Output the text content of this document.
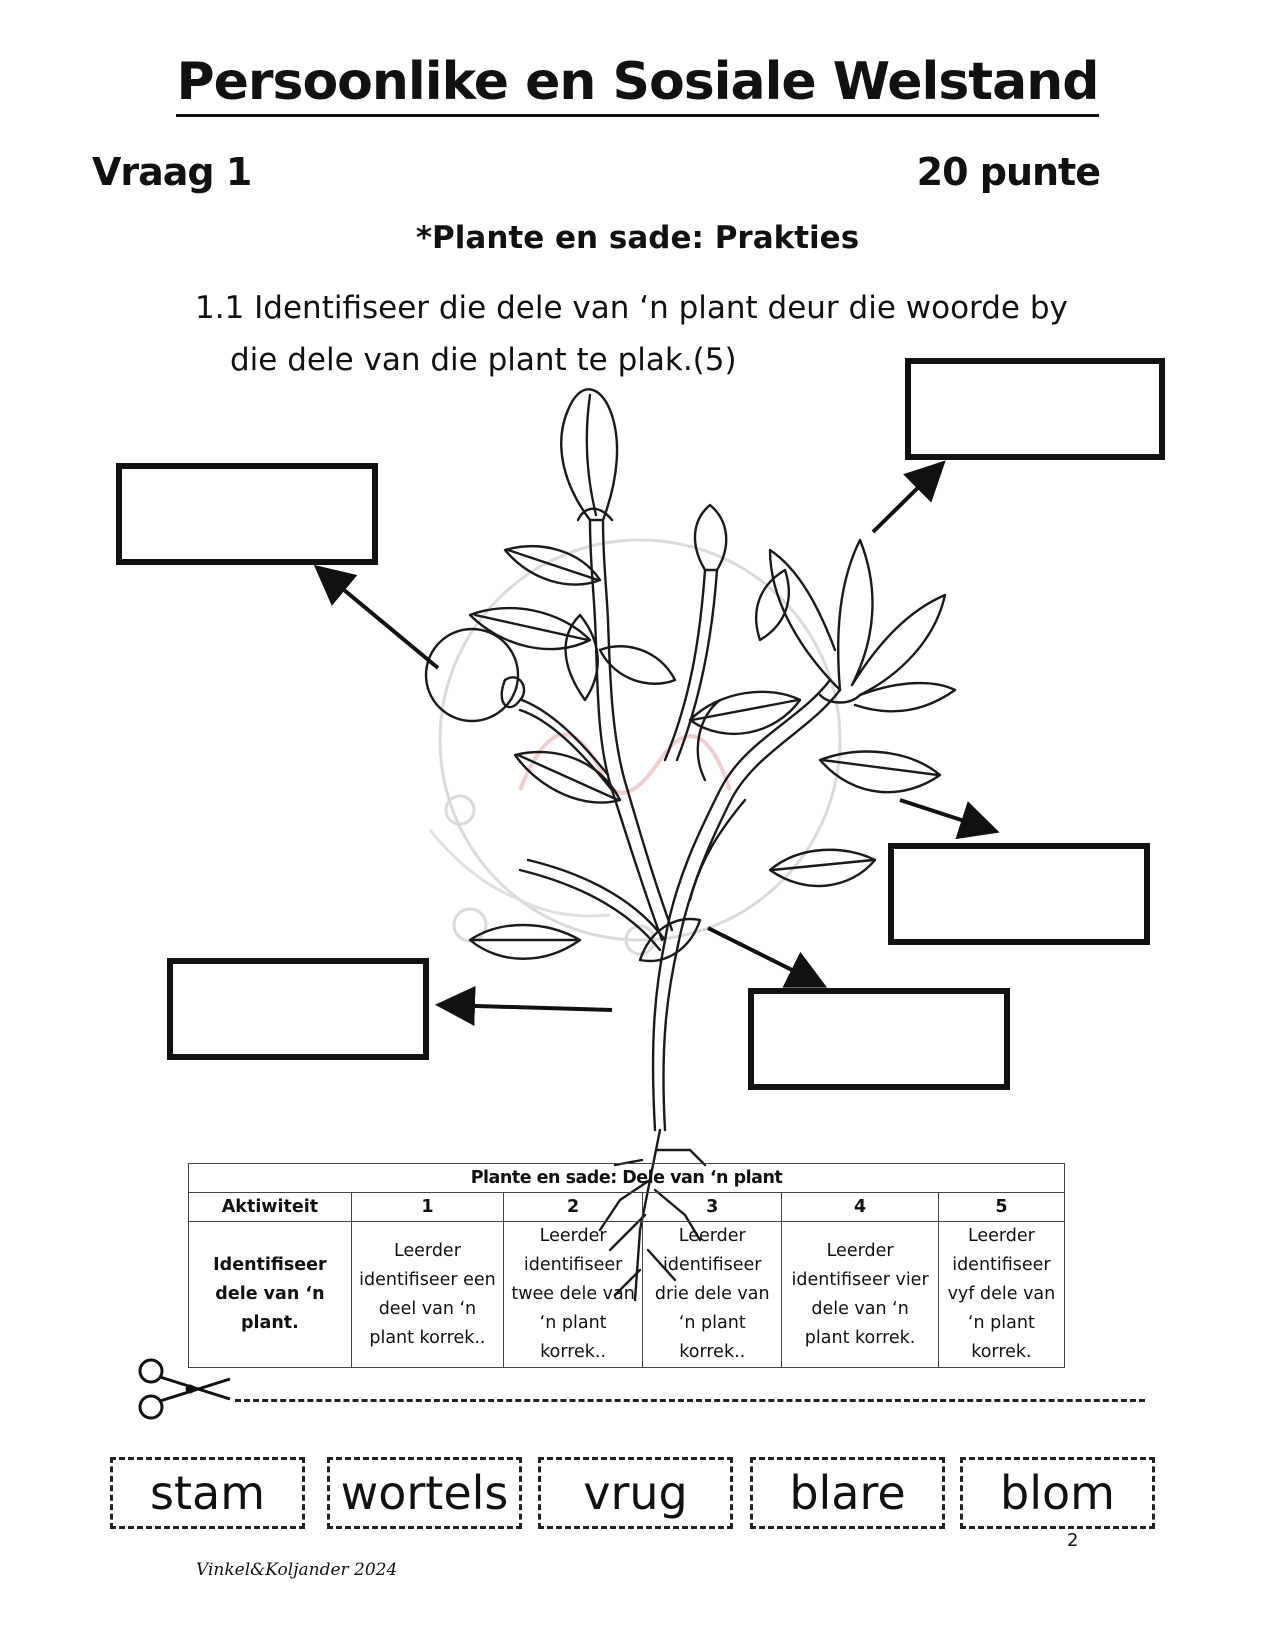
Persoonlike en Sosiale Welstand
Vraag 1	20 punte
*Plante en sade: Prakties
1.1 Identifiseer die dele van ‘n plant deur die woorde by
die dele van die plant te plak.(5)
Plante en sade: Dele van ‘n plant					
Aktiwiteit	1	2	3	4	5
Identifiseer dele van ‘n plant.	Leerder identifiseer een deel van ‘n plant korrek..	Leerder identifiseer twee dele van ‘n plant korrek..	Leerder identifiseer drie dele van ‘n plant korrek..	Leerder identifiseer vier dele van ‘n plant korrek.	Leerder identifiseer vyf dele van ‘n plant korrek.
stam	wortels	vrug	blare	blom
2
Vinkel&Koljander 2024
